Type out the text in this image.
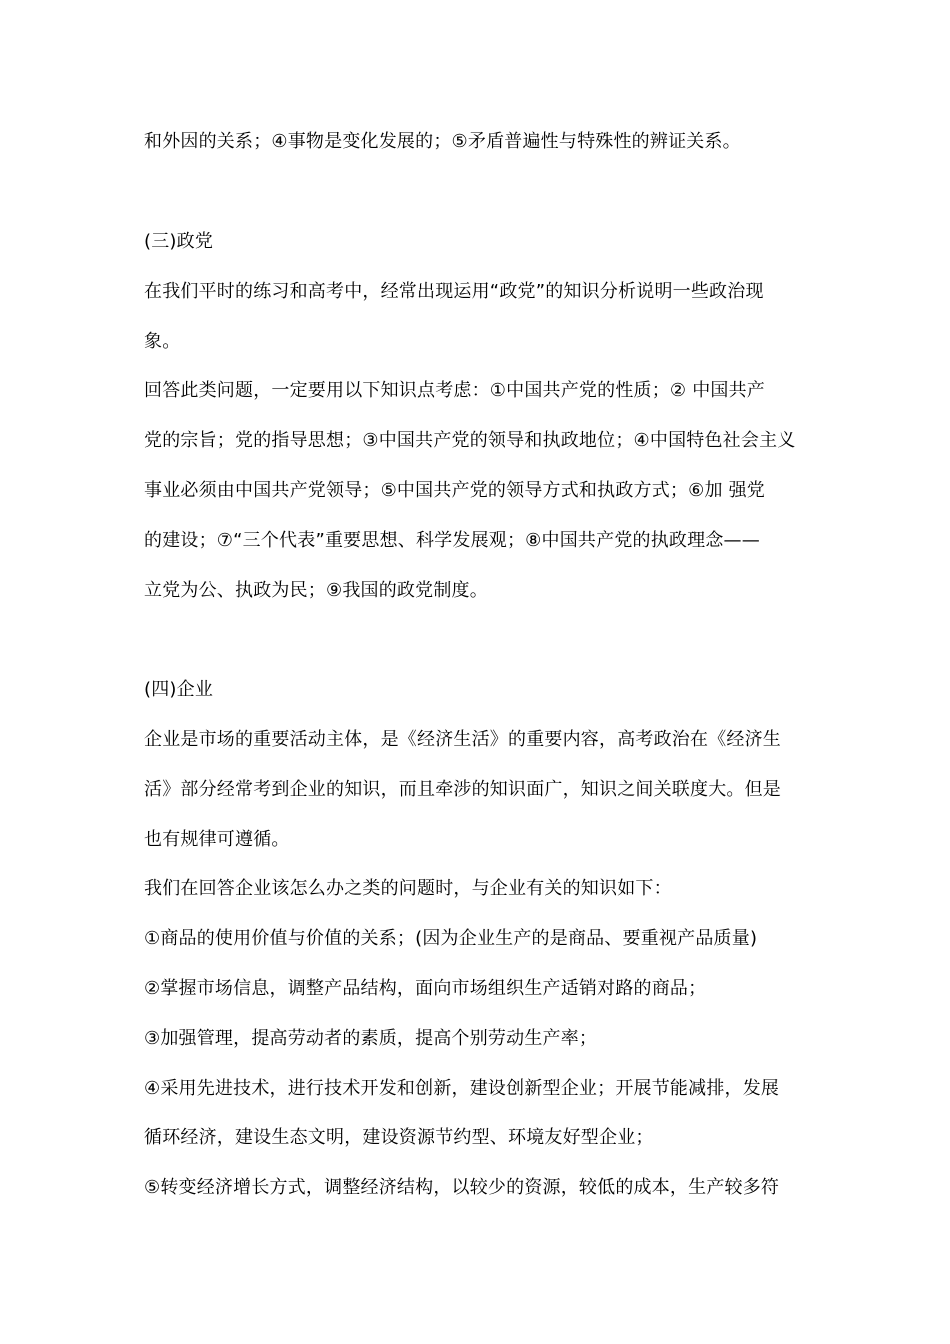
和外因的关系；④事物是变化发展的；⑤矛盾普遍性与特殊性的辨证关系。
(三)政党
在我们平时的练习和高考中，经常出现运用“政党”的知识分析说明一些政治现
象。
回答此类问题，一定要用以下知识点考虑：①中国共产党的性质；② 中国共产
党的宗旨；党的指导思想；③中国共产党的领导和执政地位；④中国特色社会主义
事业必须由中国共产党领导；⑤中国共产党的领导方式和执政方式；⑥加 强党
的建设；⑦“三个代表”重要思想、科学发展观；⑧中国共产党的执政理念——
立党为公、执政为民；⑨我国的政党制度。
(四)企业
企业是市场的重要活动主体，是《经济生活》的重要内容，高考政治在《经济生
活》部分经常考到企业的知识，而且牵涉的知识面广，知识之间关联度大。但是
也有规律可遵循。
我们在回答企业该怎么办之类的问题时，与企业有关的知识如下：
①商品的使用价值与价值的关系；(因为企业生产的是商品、要重视产品质量)
②掌握市场信息，调整产品结构，面向市场组织生产适销对路的商品；
③加强管理，提高劳动者的素质，提高个别劳动生产率；
④采用先进技术，进行技术开发和创新，建设创新型企业；开展节能减排，发展
循环经济，建设生态文明，建设资源节约型、环境友好型企业；
⑤转变经济增长方式，调整经济结构，以较少的资源，较低的成本，生产较多符
